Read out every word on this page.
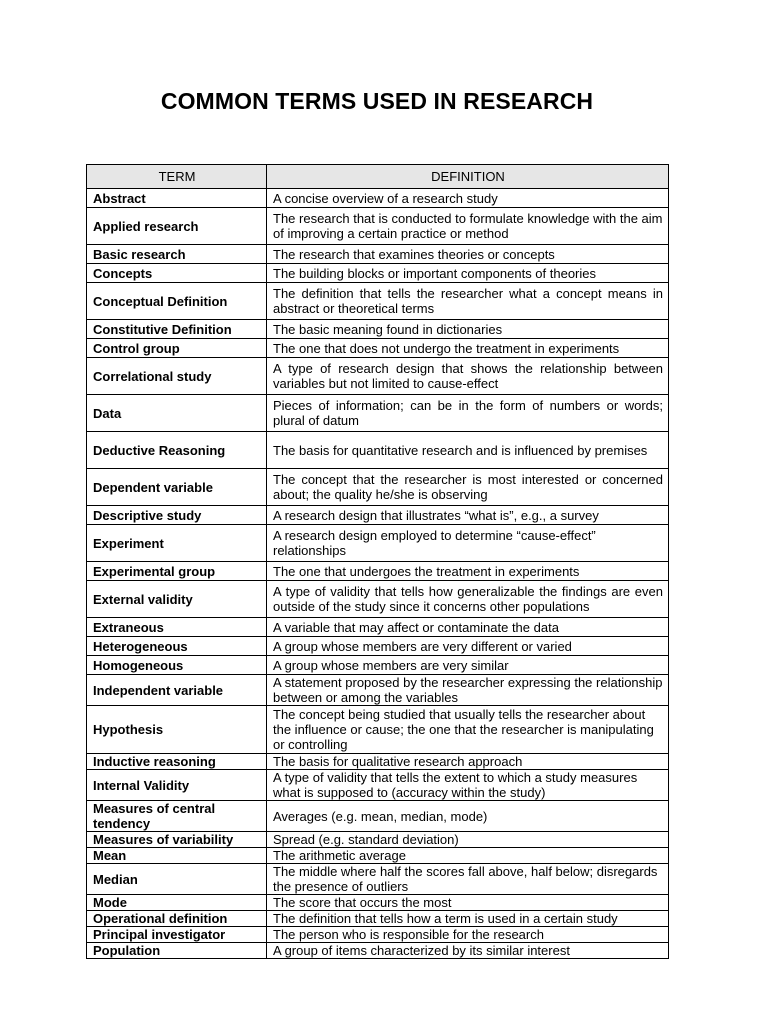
COMMON TERMS USED IN RESEARCH
TERM	DEFINITION
Abstract	A concise overview of a research study
Applied research	The research that is conducted to formulate knowledge with the aim of improving a certain practice or method
Basic research	The research that examines theories or concepts
Concepts	The building blocks or important components of theories
Conceptual Definition	The definition that tells the researcher what a concept means in abstract or theoretical terms
Constitutive Definition	The basic meaning found in dictionaries
Control group	The one that does not undergo the treatment in experiments
Correlational study	A type of research design that shows the relationship between variables but not limited to cause-effect
Data	Pieces of information; can be in the form of numbers or words; plural of datum
Deductive Reasoning	The basis for quantitative research and is influenced by premises
Dependent variable	The concept that the researcher is most interested or concerned about; the quality he/she is observing
Descriptive study	A research design that illustrates “what is”, e.g., a survey
Experiment	A research design employed to determine “cause-effect” relationships
Experimental group	The one that undergoes the treatment in experiments
External validity	A type of validity that tells how generalizable the findings are even outside of the study since it concerns other populations
Extraneous	A variable that may affect or contaminate the data
Heterogeneous	A group whose members are very different or varied
Homogeneous	A group whose members are very similar
Independent variable	A statement proposed by the researcher expressing the relationship between or among the variables
Hypothesis	The concept being studied that usually tells the researcher about the influence or cause; the one that the researcher is manipulating or controlling
Inductive reasoning	The basis for qualitative research approach
Internal Validity	A type of validity that tells the extent to which a study measures what is supposed to (accuracy within the study)
Measures of central tendency	Averages (e.g. mean, median, mode)
Measures of variability	Spread (e.g. standard deviation)
Mean	The arithmetic average
Median	The middle where half the scores fall above, half below; disregards the presence of outliers
Mode	The score that occurs the most
Operational definition	The definition that tells how a term is used in a certain study
Principal investigator	The person who is responsible for the research
Population	A group of items characterized by its similar interest
